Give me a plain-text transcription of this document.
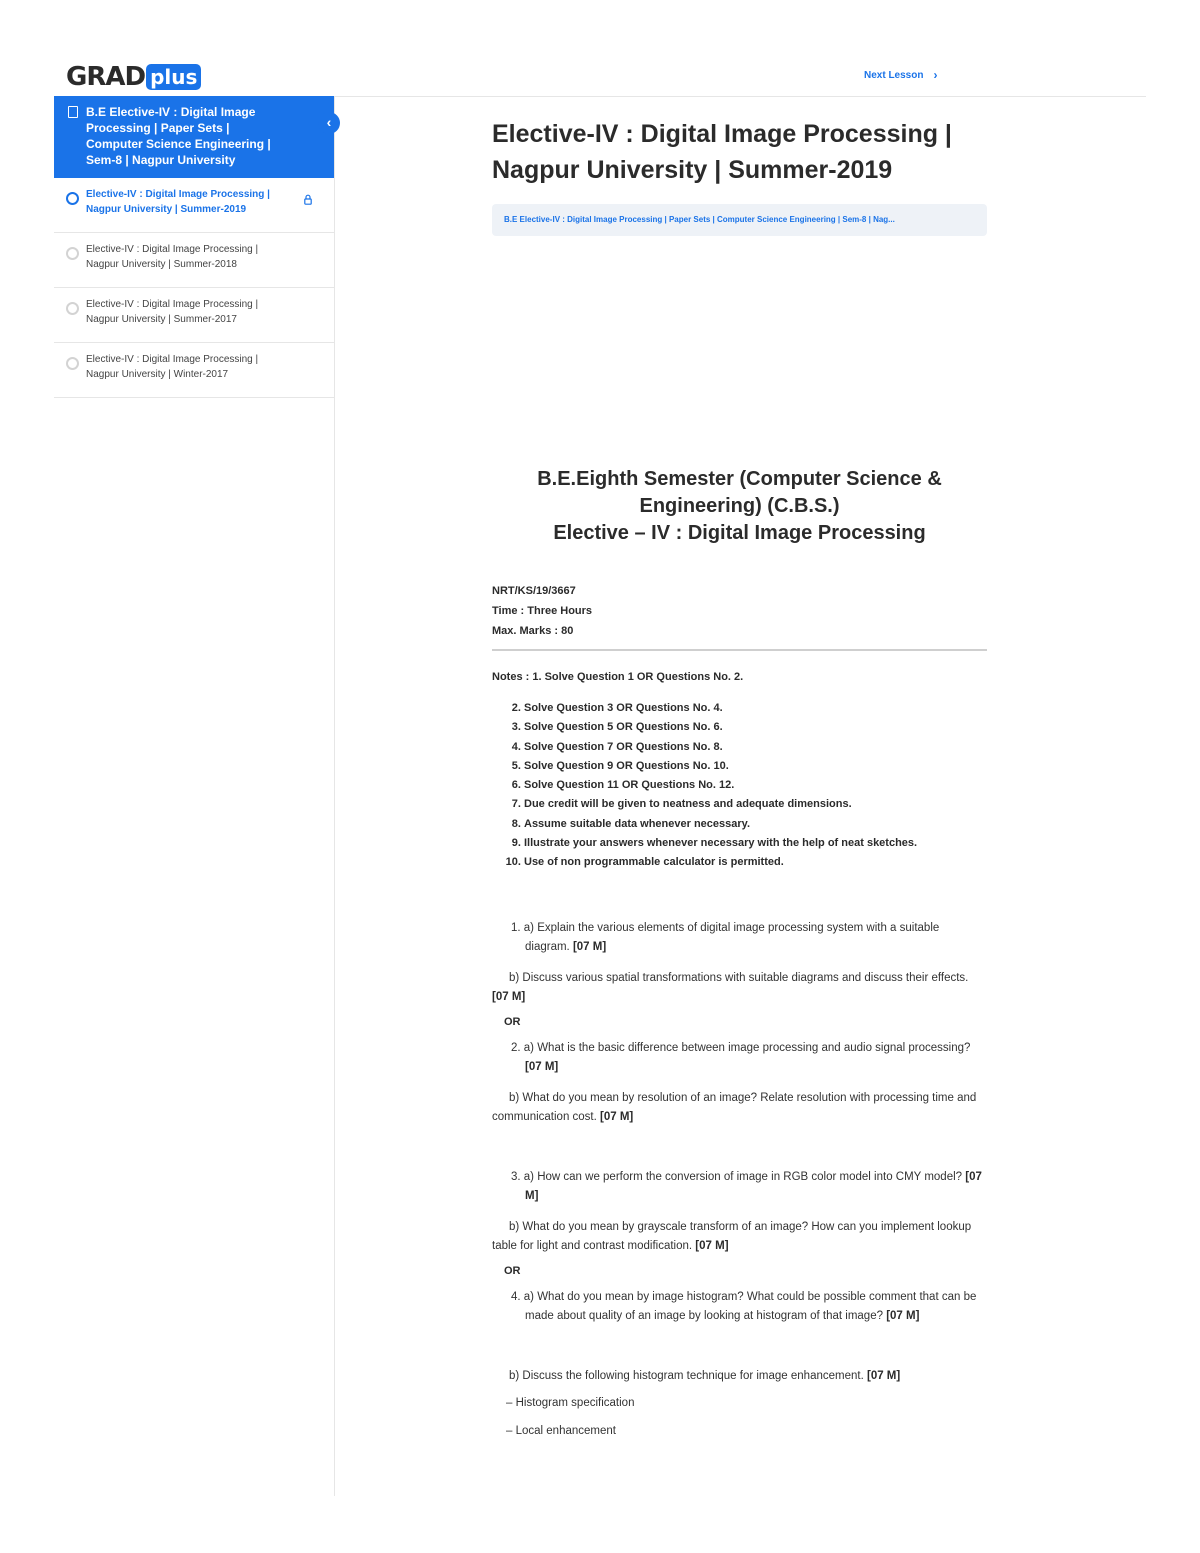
GRAD plus	Next Lesson ›
B.E Elective-IV : Digital Image Processing | Paper Sets | Computer Science Engineering | Sem-8 | Nagpur University
‹
Elective-IV : Digital Image Processing | Nagpur University | Summer-2019
Elective-IV : Digital Image Processing | Nagpur University | Summer-2018
Elective-IV : Digital Image Processing | Nagpur University | Summer-2017
Elective-IV : Digital Image Processing | Nagpur University | Winter-2017
Elective-IV : Digital Image Processing | Nagpur University | Summer-2019
B.E Elective-IV : Digital Image Processing | Paper Sets | Computer Science Engineering | Sem-8 | Nag...
B.E.Eighth Semester (Computer Science & Engineering) (C.B.S.)
Elective – IV : Digital Image Processing
NRT/KS/19/3667
Time : Three Hours
Max. Marks : 80
Notes : 1. Solve Question 1 OR Questions No. 2.
2. Solve Question 3 OR Questions No. 4.
3. Solve Question 5 OR Questions No. 6.
4. Solve Question 7 OR Questions No. 8.
5. Solve Question 9 OR Questions No. 10.
6. Solve Question 11 OR Questions No. 12.
7. Due credit will be given to neatness and adequate dimensions.
8. Assume suitable data whenever necessary.
9. Illustrate your answers whenever necessary with the help of neat sketches.
10. Use of non programmable calculator is permitted.
1. a) Explain the various elements of digital image processing system with a suitable diagram. [07 M]
b) Discuss various spatial transformations with suitable diagrams and discuss their effects. [07 M]
OR
2. a) What is the basic difference between image processing and audio signal processing? [07 M]
b) What do you mean by resolution of an image? Relate resolution with processing time and communication cost. [07 M]
3. a) How can we perform the conversion of image in RGB color model into CMY model? [07 M]
b) What do you mean by grayscale transform of an image? How can you implement lookup table for light and contrast modification. [07 M]
OR
4. a) What do you mean by image histogram? What could be possible comment that can be made about quality of an image by looking at histogram of that image? [07 M]
b) Discuss the following histogram technique for image enhancement. [07 M]
– Histogram specification
– Local enhancement
